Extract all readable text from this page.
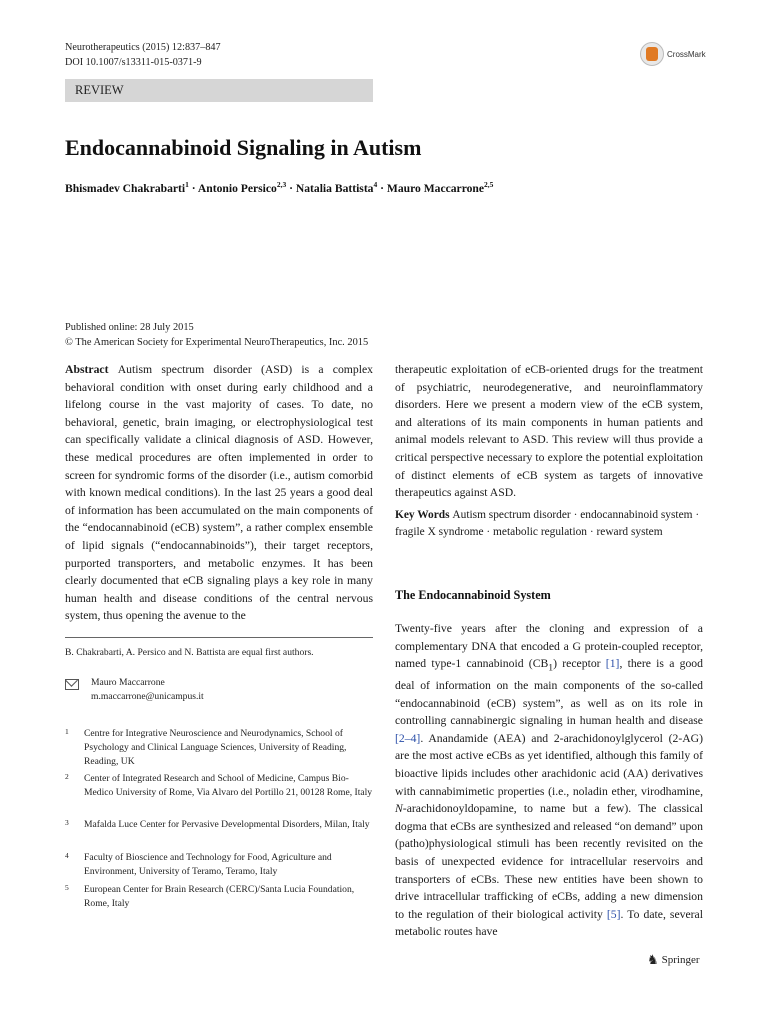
Neurotherapeutics (2015) 12:837–847
DOI 10.1007/s13311-015-0371-9
CrossMark
REVIEW
Endocannabinoid Signaling in Autism
Bhismadev Chakrabarti$^1$ · Antonio Persico$^{2,3}$ · Natalia Battista$^4$ · Mauro Maccarrone$^{2,5}$
Published online: 28 July 2015
© The American Society for Experimental NeuroTherapeutics, Inc. 2015

Abstract Autism spectrum disorder (ASD) is a complex behavioral condition with onset during early childhood and a lifelong course in the vast majority of cases. To date, no behavioral, genetic, brain imaging, or electrophysiological test can specifically validate a clinical diagnosis of ASD. However, these medical procedures are often implemented in order to screen for syndromic forms of the disorder (i.e., autism comorbid with known medical conditions). In the last 25 years a good deal of information has been accumulated on the main components of the “endocannabinoid (eCB) system”, a rather complex ensemble of lipid signals (“endocannabinoids”), their target receptors, purported transporters, and metabolic enzymes. It has been clearly documented that eCB signaling plays a key role in many human health and disease conditions of the central nervous system, thus opening the avenue to the

therapeutic exploitation of eCB-oriented drugs for the treatment of psychiatric, neurodegenerative, and neuroinflammatory disorders. Here we present a modern view of the eCB system, and alterations of its main components in human patients and animal models relevant to ASD. This review will thus provide a critical perspective necessary to explore the potential exploitation of distinct elements of eCB system as targets of innovative therapeutics against ASD.

Key Words Autism spectrum disorder · endocannabinoid system · fragile X syndrome · metabolic regulation · reward system
The Endocannabinoid System

Twenty-five years after the cloning and expression of a complementary DNA that encoded a G protein-coupled receptor, named type-1 cannabinoid $(CB_1)$ receptor [1], there is a good deal of information on the main components of the so-called “endocannabinoid (eCB) system”, as well as on its role in controlling cannabinergic signaling in human health and disease [2–4]. Anandamide (AEA) and 2-arachidonoylglycerol (2-AG) are the most active eCBs as yet identified, although this family of bioactive lipids includes other arachidonic acid (AA) derivatives with cannabimimetic properties (i.e., noladin ether, virodhamine, N-arachidonoyldopamine, to name but a few). The classical dogma that eCBs are synthesized and released “on demand” upon (patho)physiological stimuli has been recently revisited on the basis of unexpected evidence for intracellular reservoirs and transporters of eCBs. These new entities have been shown to drive intracellular trafficking of eCBs, adding a new dimension to the regulation of their biological activity [5]. To date, several metabolic routes have

B. Chakrabarti, A. Persico and N. Battista are equal first authors.
Mauro Maccarrone
m.maccarrone@unicampus.it
1	Centre for Integrative Neuroscience and Neurodynamics, School of Psychology and Clinical Language Sciences, University of Reading, Reading, UK
2	Center of Integrated Research and School of Medicine, Campus Bio-Medico University of Rome, Via Alvaro del Portillo 21, 00128 Rome, Italy
3	Mafalda Luce Center for Pervasive Developmental Disorders, Milan, Italy
4	Faculty of Bioscience and Technology for Food, Agriculture and Environment, University of Teramo, Teramo, Italy
5	European Center for Brain Research (CERC)/Santa Lucia Foundation, Rome, Italy
♞ Springer
